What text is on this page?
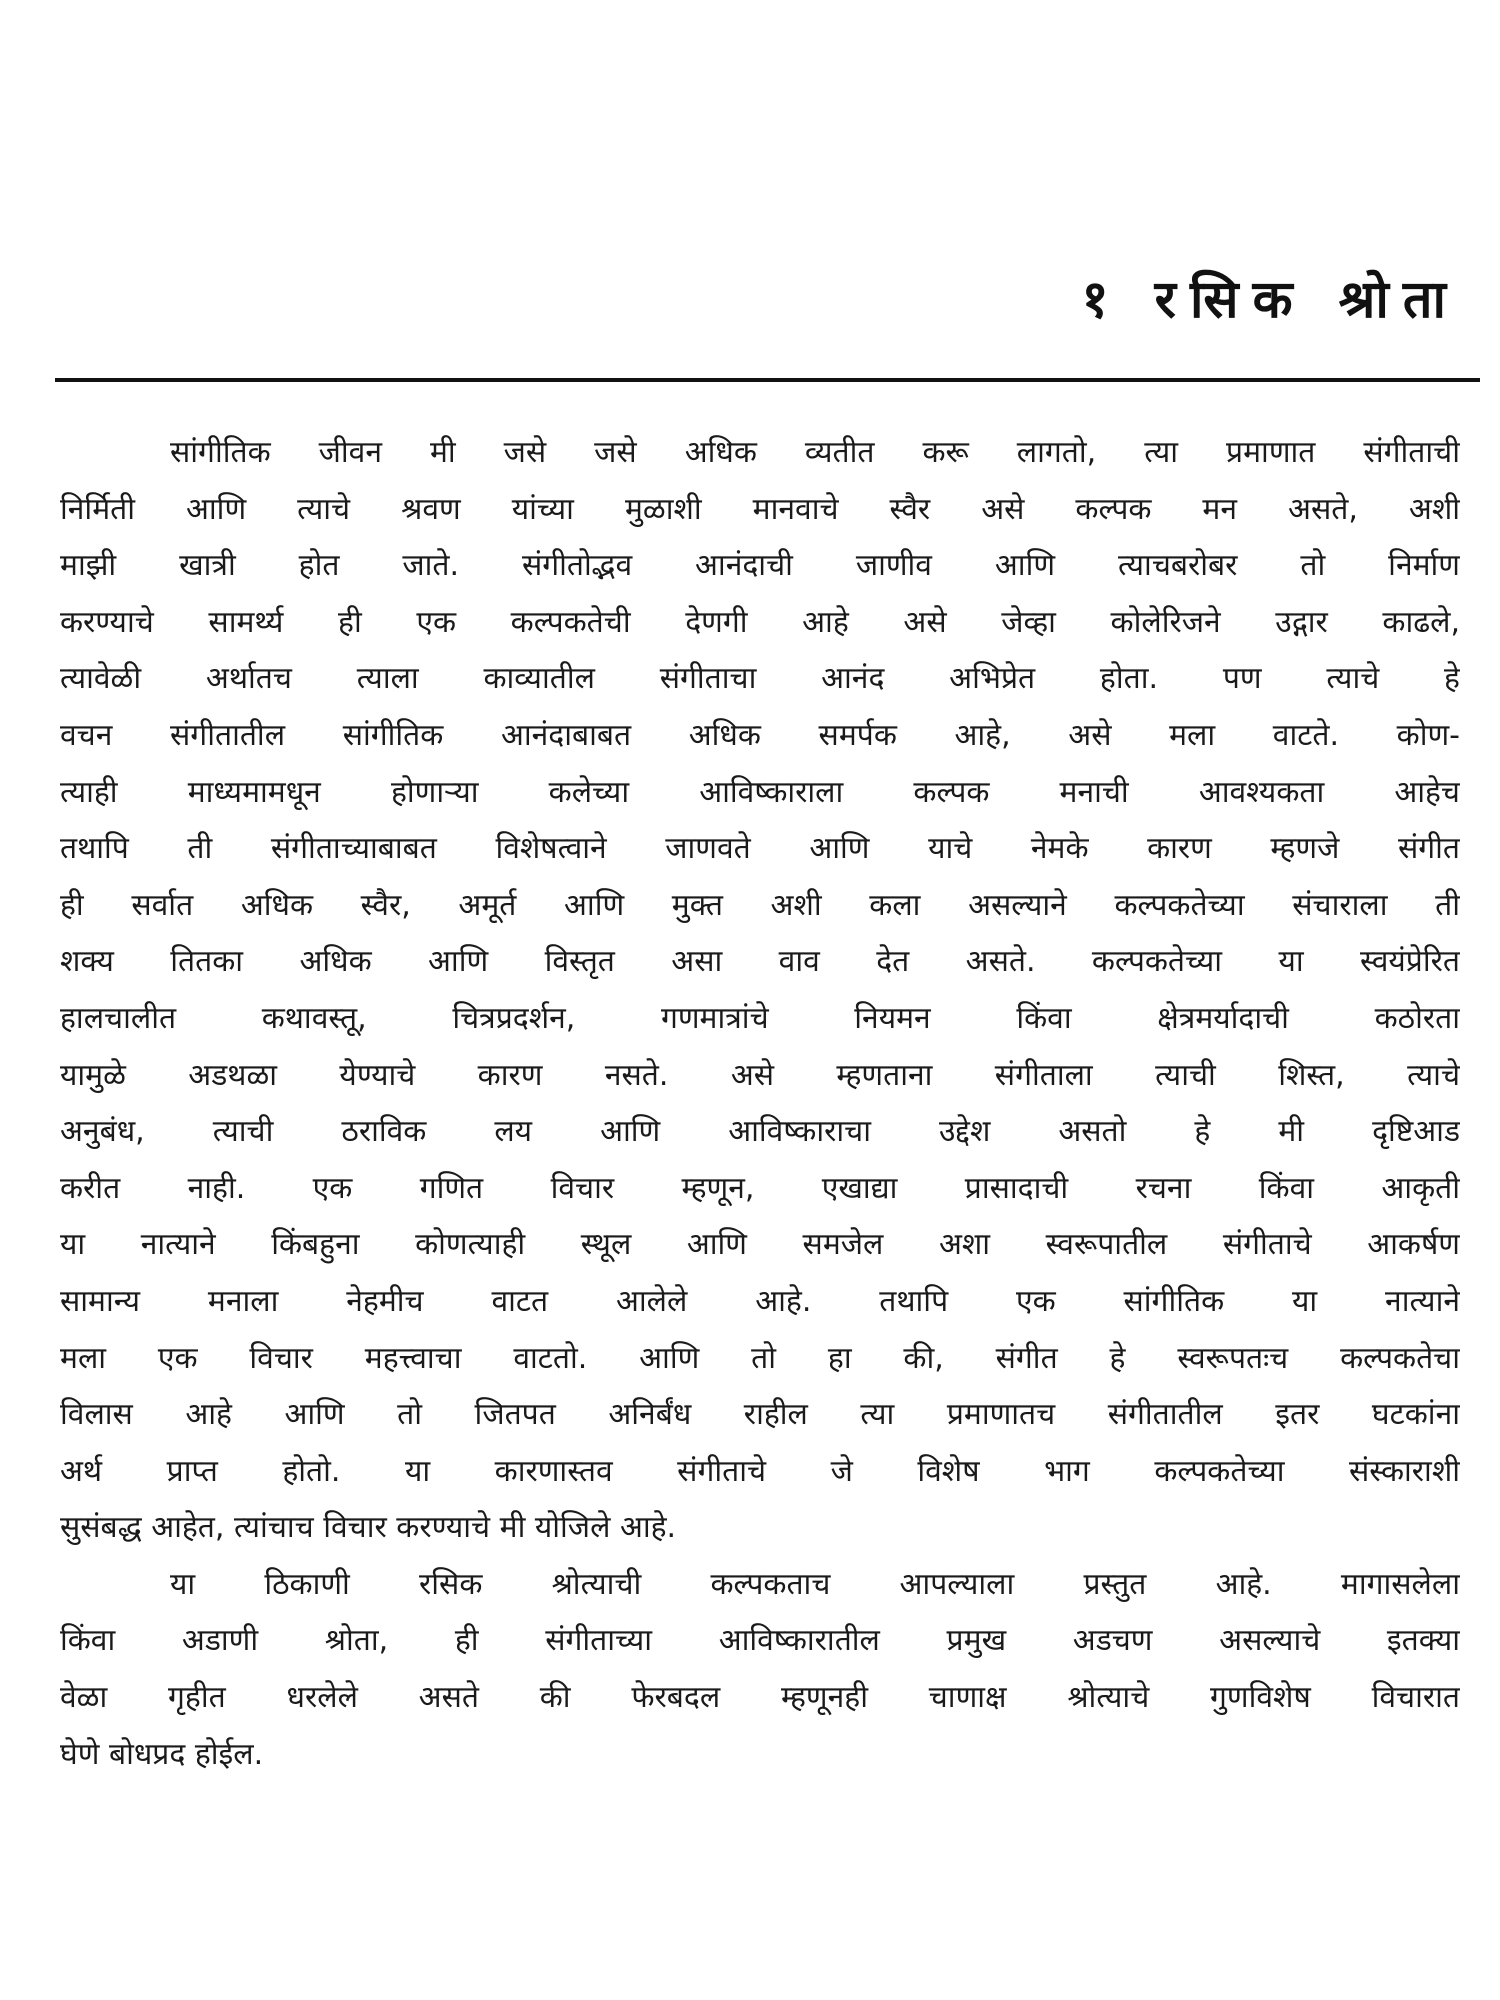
१ रसिक श्रोता
सांगीतिक जीवन मी जसे जसे अधिक व्यतीत करू लागतो, त्या प्रमाणात संगीताची
निर्मिती आणि त्याचे श्रवण यांच्या मुळाशी मानवाचे स्वैर असे कल्पक मन असते, अशी
माझी खात्री होत जाते. संगीतोद्भव आनंदाची जाणीव आणि त्याचबरोबर तो निर्माण
करण्याचे सामर्थ्य ही एक कल्पकतेची देणगी आहे असे जेव्हा कोलेरिजने उद्गार काढले,
त्यावेळी अर्थातच त्याला काव्यातील संगीताचा आनंद अभिप्रेत होता. पण त्याचे हे
वचन संगीतातील सांगीतिक आनंदाबाबत अधिक समर्पक आहे, असे मला वाटते. कोण-
त्याही माध्यमामधून होणाऱ्या कलेच्या आविष्काराला कल्पक मनाची आवश्यकता आहेच
तथापि ती संगीताच्याबाबत विशेषत्वाने जाणवते आणि याचे नेमके कारण म्हणजे संगीत
ही सर्वात अधिक स्वैर, अमूर्त आणि मुक्त अशी कला असल्याने कल्पकतेच्या संचाराला ती
शक्य तितका अधिक आणि विस्तृत असा वाव देत असते. कल्पकतेच्या या स्वयंप्रेरित
हालचालीत कथावस्तू, चित्रप्रदर्शन, गणमात्रांचे नियमन किंवा क्षेत्रमर्यादाची कठोरता
यामुळे अडथळा येण्याचे कारण नसते. असे म्हणताना संगीताला त्याची शिस्त, त्याचे
अनुबंध, त्याची ठराविक लय आणि आविष्काराचा उद्देश असतो हे मी दृष्टिआड
करीत नाही. एक गणित विचार म्हणून, एखाद्या प्रासादाची रचना किंवा आकृती
या नात्याने किंबहुना कोणत्याही स्थूल आणि समजेल अशा स्वरूपातील संगीताचे आकर्षण
सामान्य मनाला नेहमीच वाटत आलेले आहे. तथापि एक सांगीतिक या नात्याने
मला एक विचार महत्त्वाचा वाटतो. आणि तो हा की, संगीत हे स्वरूपतःच कल्पकतेचा
विलास आहे आणि तो जितपत अनिर्बंध राहील त्या प्रमाणातच संगीतातील इतर घटकांना
अर्थ प्राप्त होतो. या कारणास्तव संगीताचे जे विशेष भाग कल्पकतेच्या संस्काराशी
सुसंबद्ध आहेत, त्यांचाच विचार करण्याचे मी योजिले आहे.
या ठिकाणी रसिक श्रोत्याची कल्पकताच आपल्याला प्रस्तुत आहे. मागासलेला
किंवा अडाणी श्रोता, ही संगीताच्या आविष्कारातील प्रमुख अडचण असल्याचे इतक्या
वेळा गृहीत धरलेले असते की फेरबदल म्हणूनही चाणाक्ष श्रोत्याचे गुणविशेष विचारात
घेणे बोधप्रद होईल.
